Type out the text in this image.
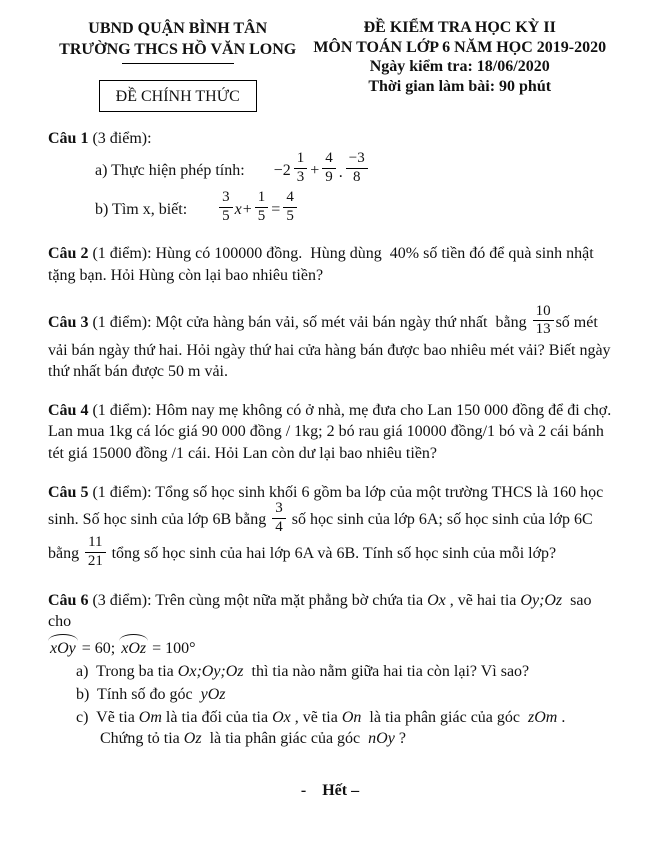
UBND QUẬN BÌNH TÂN
TRƯỜNG THCS HỒ VĂN LONG
ĐỀ CHÍNH THỨC
ĐỀ KIỂM TRA HỌC KỲ II
MÔN TOÁN LỚP 6 NĂM HỌC 2019-2020
Ngày kiểm tra: 18/06/2020
Thời gian làm bài: 90 phút
Câu 1 (3 điểm):
a) Thực hiện phép tính: $-2 \frac{1}{3} + \frac{4}{9}$ . $\frac{-3}{8}$
b) Tìm x, biết: $\frac{3}{5}$ $x + \frac{1}{5} = \frac{4}{5}$
Câu 2 (1 điểm): Hùng có 100000 đồng.  Hùng dùng  40% số tiền đó để quà sinh nhật tặng bạn. Hỏi Hùng còn lại bao nhiêu tiền?
Câu 3 (1 điểm): Một cửa hàng bán vải, số mét vải bán ngày thứ nhất  bằng $\frac{10}{13}$ số mét vải bán ngày thứ hai. Hỏi ngày thứ hai cửa hàng bán được bao nhiêu mét vải? Biết ngày thứ nhất bán được 50 m vải.
Câu 4 (1 điểm): Hôm nay mẹ không có ở nhà, mẹ đưa cho Lan 150 000 đồng để đi chợ. Lan mua 1kg cá lóc giá 90 000 đồng / 1kg; 2 bó rau giá 10000 đồng/1 bó và 2 cái bánh tét giá 15000 đồng /1 cái. Hỏi Lan còn dư lại bao nhiêu tiền?
Câu 5 (1 điểm): Tổng số học sinh khối 6 gồm ba lớp của một trường THCS là 160 học sinh. Số học sinh của lớp 6B bằng $\frac{3}{4}$ số học sinh của lớp 6A; số học sinh của lớp 6C bằng $\frac{11}{21}$ tổng số học sinh của hai lớp 6A và 6B. Tính số học sinh của mỗi lớp?
Câu 6 (3 điểm): Trên cùng một nữa mặt phẳng bờ chứa tia Ox , vẽ hai tia Oy;Oz  sao cho
xOy = 60; xOz = 100°
a)  Trong ba tia Ox;Oy;Oz  thì tia nào nằm giữa hai tia còn lại? Vì sao?
b)  Tính số đo góc  yOz
c)  Vẽ tia Om là tia đối của tia Ox , vẽ tia On  là tia phân giác của góc  zOm . Chứng tỏ tia Oz  là tia phân giác của góc  nOy ?
-    Hết –
